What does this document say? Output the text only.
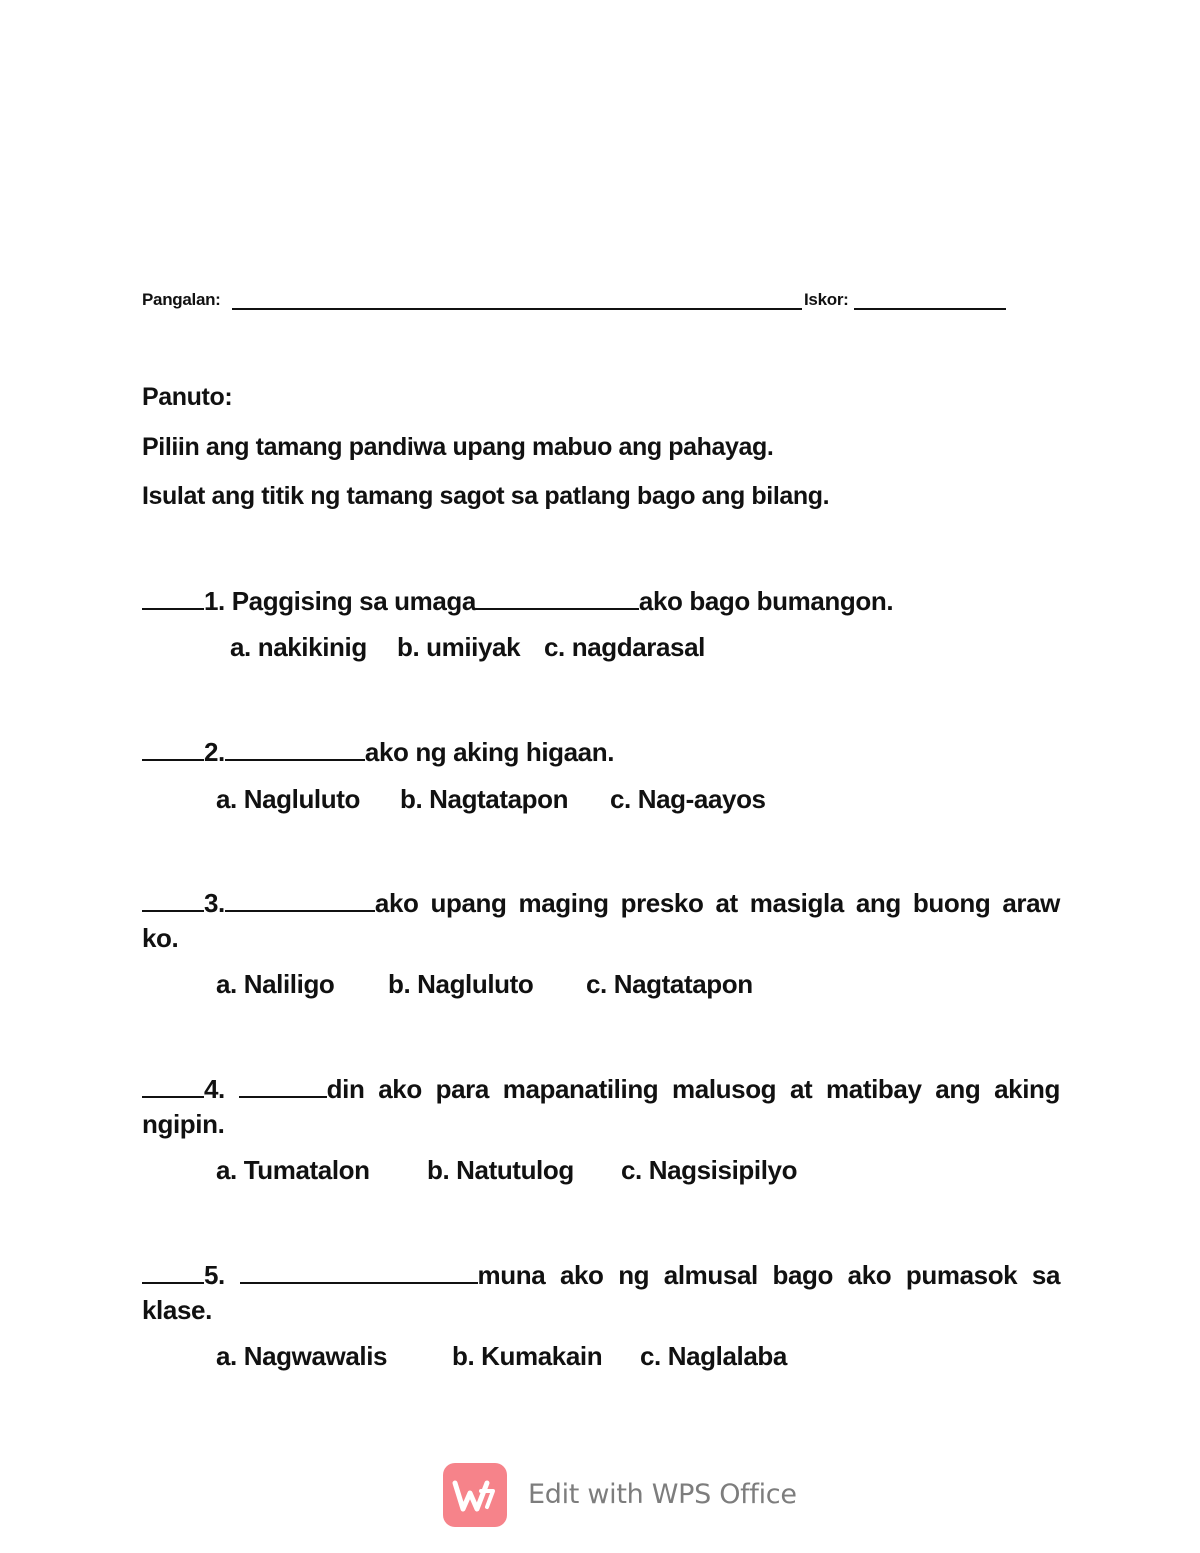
Pangalan:	Iskor:
Panuto:
Piliin ang tamang pandiwa upang mabuo ang pahayag.
Isulat ang titik ng tamang sagot sa patlang bago ang bilang.
1. Paggising sa umaga	ako bago bumangon.
a. nakikinig b. umiiyak c. nagdarasal
2.	ako ng aking higaan.
a. Nagluluto b. Nagtatapon c. Nag-aayos
3.	ako upang maging presko at masigla ang buong araw ko.
a. Naliligo b. Nagluluto c. Nagtatapon
4.	din ako para mapanatiling malusog at matibay ang aking ngipin.
a. Tumatalon b. Natutulog c. Nagsisipilyo
5.	muna ako ng almusal bago ako pumasok sa klase.
a. Nagwawalis b. Kumakain c. Naglalaba
Edit with WPS Office
